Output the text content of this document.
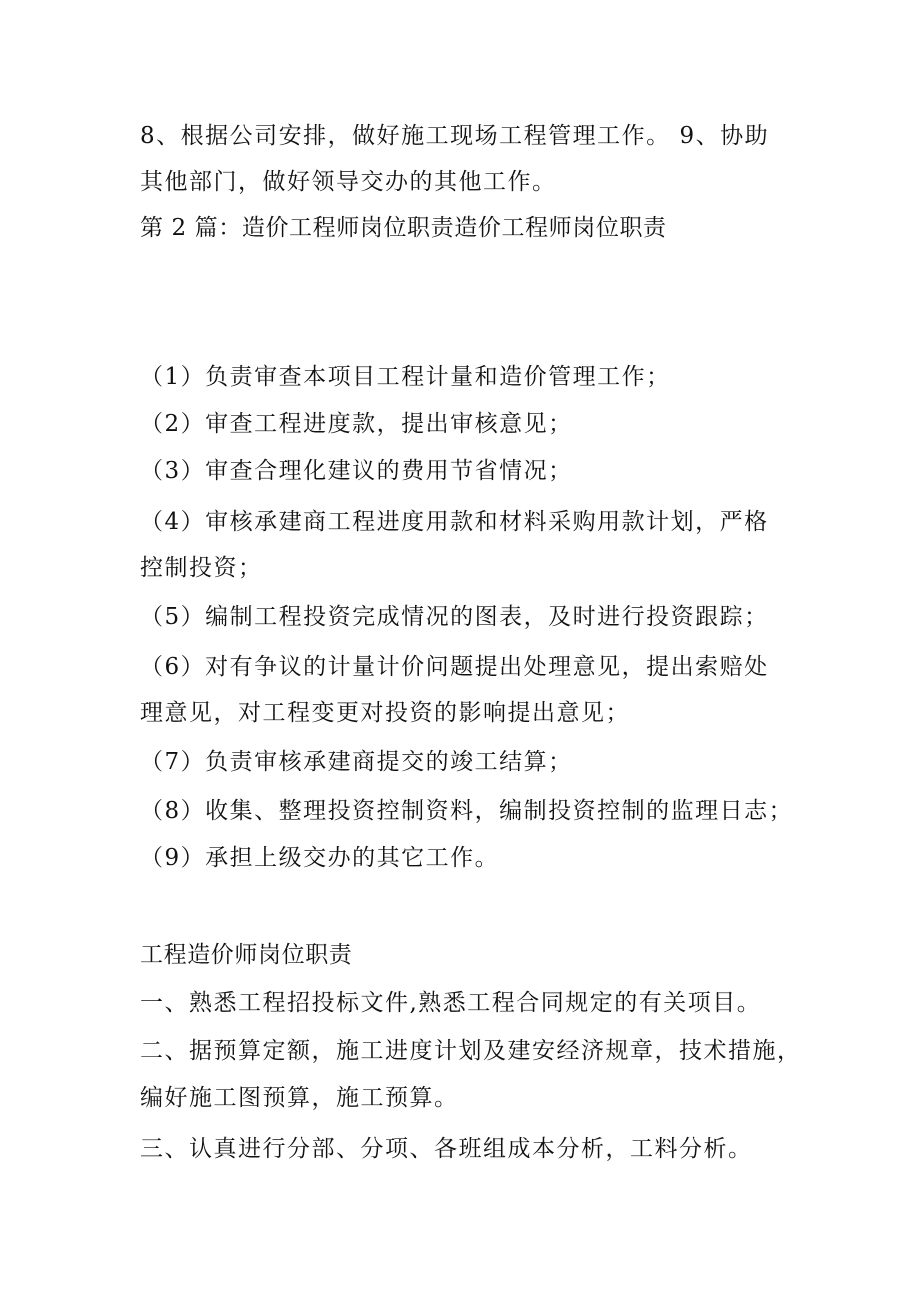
8、根据公司安排，做好施工现场工程管理工作。 9、协助
其他部门，做好领导交办的其他工作。
第 2 篇：造价工程师岗位职责造价工程师岗位职责
（1）负责审查本项目工程计量和造价管理工作；
（2）审查工程进度款，提出审核意见；
（3）审查合理化建议的费用节省情况；
（4）审核承建商工程进度用款和材料采购用款计划，严格
控制投资；
（5）编制工程投资完成情况的图表，及时进行投资跟踪；
（6）对有争议的计量计价问题提出处理意见，提出索赔处
理意见，对工程变更对投资的影响提出意见；
（7）负责审核承建商提交的竣工结算；
（8）收集、整理投资控制资料，编制投资控制的监理日志；
（9）承担上级交办的其它工作。
工程造价师岗位职责
一、熟悉工程招投标文件,熟悉工程合同规定的有关项目。
二、据预算定额，施工进度计划及建安经济规章，技术措施，
编好施工图预算，施工预算。
三、认真进行分部、分项、各班组成本分析，工料分析。
